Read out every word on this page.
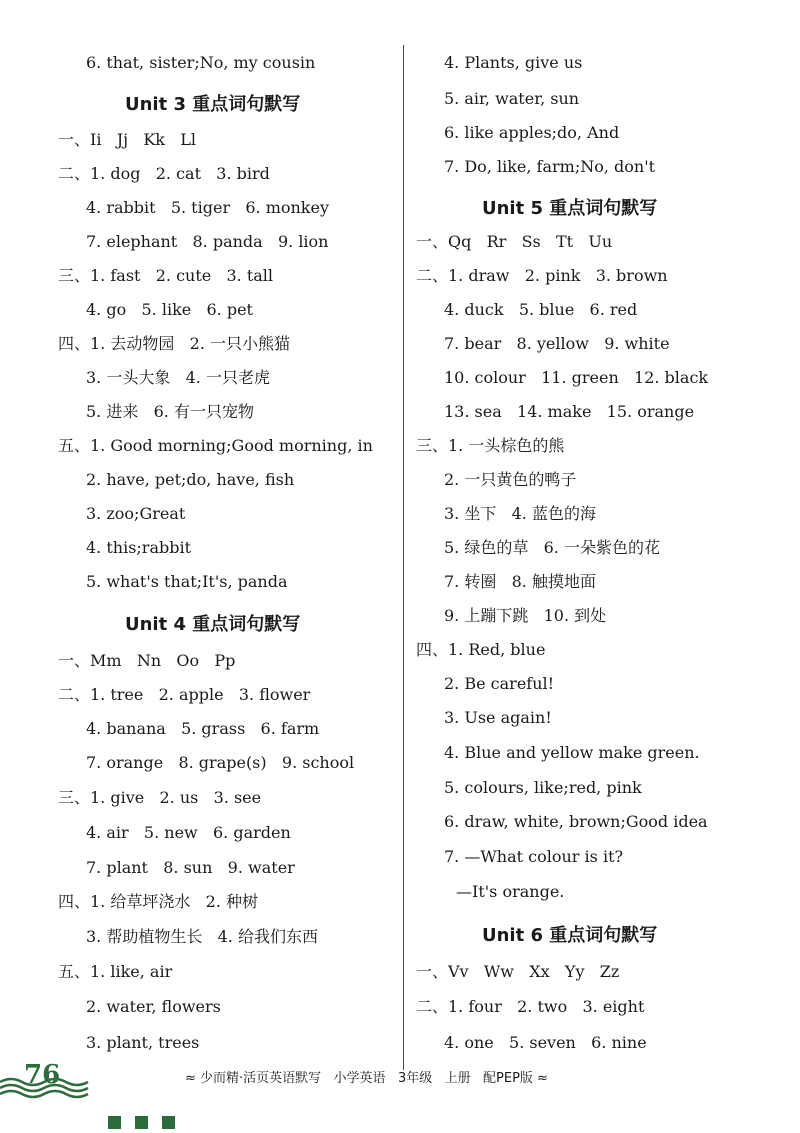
6. that, sister;No, my cousin
Unit 3 重点词句默写
一、Ii   Jj   Kk   Ll
二、1. dog   2. cat   3. bird
4. rabbit   5. tiger   6. monkey
7. elephant   8. panda   9. lion
三、1. fast   2. cute   3. tall
4. go   5. like   6. pet
四、1. 去动物园   2. 一只小熊猫
3. 一头大象   4. 一只老虎
5. 进来   6. 有一只宠物
五、1. Good morning;Good morning, in
2. have, pet;do, have, fish
3. zoo;Great
4. this;rabbit
5. what's that;It's, panda
Unit 4 重点词句默写
一、Mm   Nn   Oo   Pp
二、1. tree   2. apple   3. flower
4. banana   5. grass   6. farm
7. orange   8. grape(s)   9. school
三、1. give   2. us   3. see
4. air   5. new   6. garden
7. plant   8. sun   9. water
四、1. 给草坪浇水   2. 种树
3. 帮助植物生长   4. 给我们东西
五、1. like, air
2. water, flowers
3. plant, trees
4. Plants, give us
5. air, water, sun
6. like apples;do, And
7. Do, like, farm;No, don't
Unit 5 重点词句默写
一、Qq   Rr   Ss   Tt   Uu
二、1. draw   2. pink   3. brown
4. duck   5. blue   6. red
7. bear   8. yellow   9. white
10. colour   11. green   12. black
13. sea   14. make   15. orange
三、1. 一头棕色的熊
2. 一只黄色的鸭子
3. 坐下   4. 蓝色的海
5. 绿色的草   6. 一朵紫色的花
7. 转圈   8. 触摸地面
9. 上蹦下跳   10. 到处
四、1. Red, blue
2. Be careful!
3. Use again!
4. Blue and yellow make green.
5. colours, like;red, pink
6. draw, white, brown;Good idea
7. —What colour is it?
—It's orange.
Unit 6 重点词句默写
一、Vv   Ww   Xx   Yy   Zz
二、1. four   2. two   3. eight
4. one   5. seven   6. nine
76	≈ 少而精·活页英语默写   小学英语   3年级   上册   配PEP版 ≈
